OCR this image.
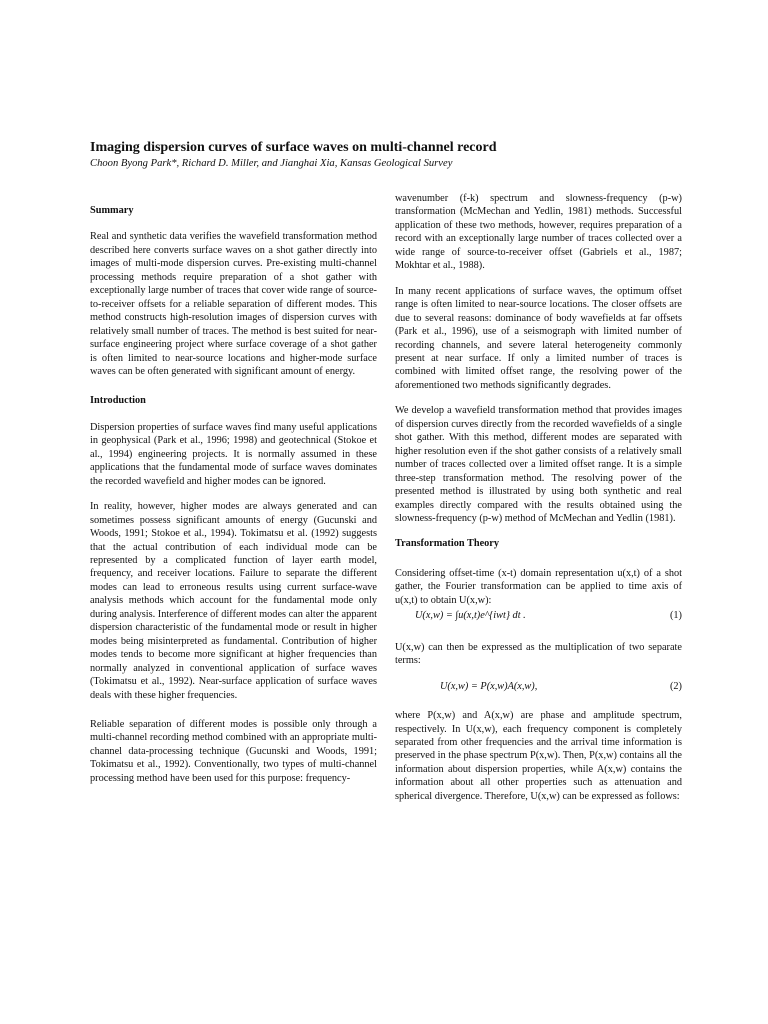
Imaging dispersion curves of surface waves on multi-channel record

Choon Byong Park*, Richard D. Miller, and Jianghai Xia, Kansas Geological Survey

Summary

Real and synthetic data verifies the wavefield transformation method described here converts surface waves on a shot gather directly into images of multi-mode dispersion curves. Pre-existing multi-channel processing methods require preparation of a shot gather with exceptionally large number of traces that cover wide range of source-to-receiver offsets for a reliable separation of different modes. This method constructs high-resolution images of dispersion curves with relatively small number of traces. The method is best suited for near-surface engineering project where surface coverage of a shot gather is often limited to near-source locations and higher-mode surface waves can be often generated with significant amount of energy.

Introduction

Dispersion properties of surface waves find many useful applications in geophysical (Park et al., 1996; 1998) and geotechnical (Stokoe et al., 1994) engineering projects. It is normally assumed in these applications that the fundamental mode of surface waves dominates the recorded wavefield and higher modes can be ignored.

In reality, however, higher modes are always generated and can sometimes possess significant amounts of energy (Gucunski and Woods, 1991; Stokoe et al., 1994). Tokimatsu et al. (1992) suggests that the actual contribution of each individual mode can be represented by a complicated function of layer earth model, frequency, and receiver locations. Failure to separate the different modes can lead to erroneous results using current surface-wave analysis methods which account for the fundamental mode only during analysis. Interference of different modes can alter the apparent dispersion characteristic of the fundamental mode or result in higher modes being misinterpreted as fundamental. Contribution of higher modes tends to become more significant at higher frequencies than normally analyzed in conventional application of surface waves (Tokimatsu et al., 1992). Near-surface application of surface waves deals with these higher frequencies.

Reliable separation of different modes is possible only through a multi-channel recording method combined with an appropriate multi-channel data-processing technique (Gucunski and Woods, 1991; Tokimatsu et al., 1992). Conventionally, two types of multi-channel processing method have been used for this purpose: frequency-

wavenumber (f-k) spectrum and slowness-frequency (p-w) transformation (McMechan and Yedlin, 1981) methods. Successful application of these two methods, however, requires preparation of a record with an exceptionally large number of traces collected over a wide range of source-to-receiver offset (Gabriels et al., 1987; Mokhtar et al., 1988).

In many recent applications of surface waves, the optimum offset range is often limited to near-source locations. The closer offsets are due to several reasons: dominance of body wavefields at far offsets (Park et al., 1996), use of a seismograph with limited number of recording channels, and severe lateral heterogeneity commonly present at near surface. If only a limited number of traces is combined with limited offset range, the resolving power of the aforementioned two methods significantly degrades.

We develop a wavefield transformation method that provides images of dispersion curves directly from the recorded wavefields of a single shot gather. With this method, different modes are separated with higher resolution even if the shot gather consists of a relatively small number of traces collected over a limited offset range. It is a simple three-step transformation method. The resolving power of the presented method is illustrated by using both synthetic and real examples directly compared with the results obtained using the slowness-frequency (p-w) method of McMechan and Yedlin (1981).

Transformation Theory

Considering offset-time (x-t) domain representation u(x,t) of a shot gather, the Fourier transformation can be applied to time axis of u(x,t) to obtain U(x,w):

U(x,w) = ∫u(x,t)e^{iwt} dt .	(1)

U(x,w) can then be expressed as the multiplication of two separate terms:

U(x,w) = P(x,w)A(x,w),	(2)

where P(x,w) and A(x,w) are phase and amplitude spectrum, respectively. In U(x,w), each frequency component is completely separated from other frequencies and the arrival time information is preserved in the phase spectrum P(x,w). Then, P(x,w) contains all the information about dispersion properties, while A(x,w) contains the information about all other properties such as attenuation and spherical divergence. Therefore, U(x,w) can be expressed as follows:
